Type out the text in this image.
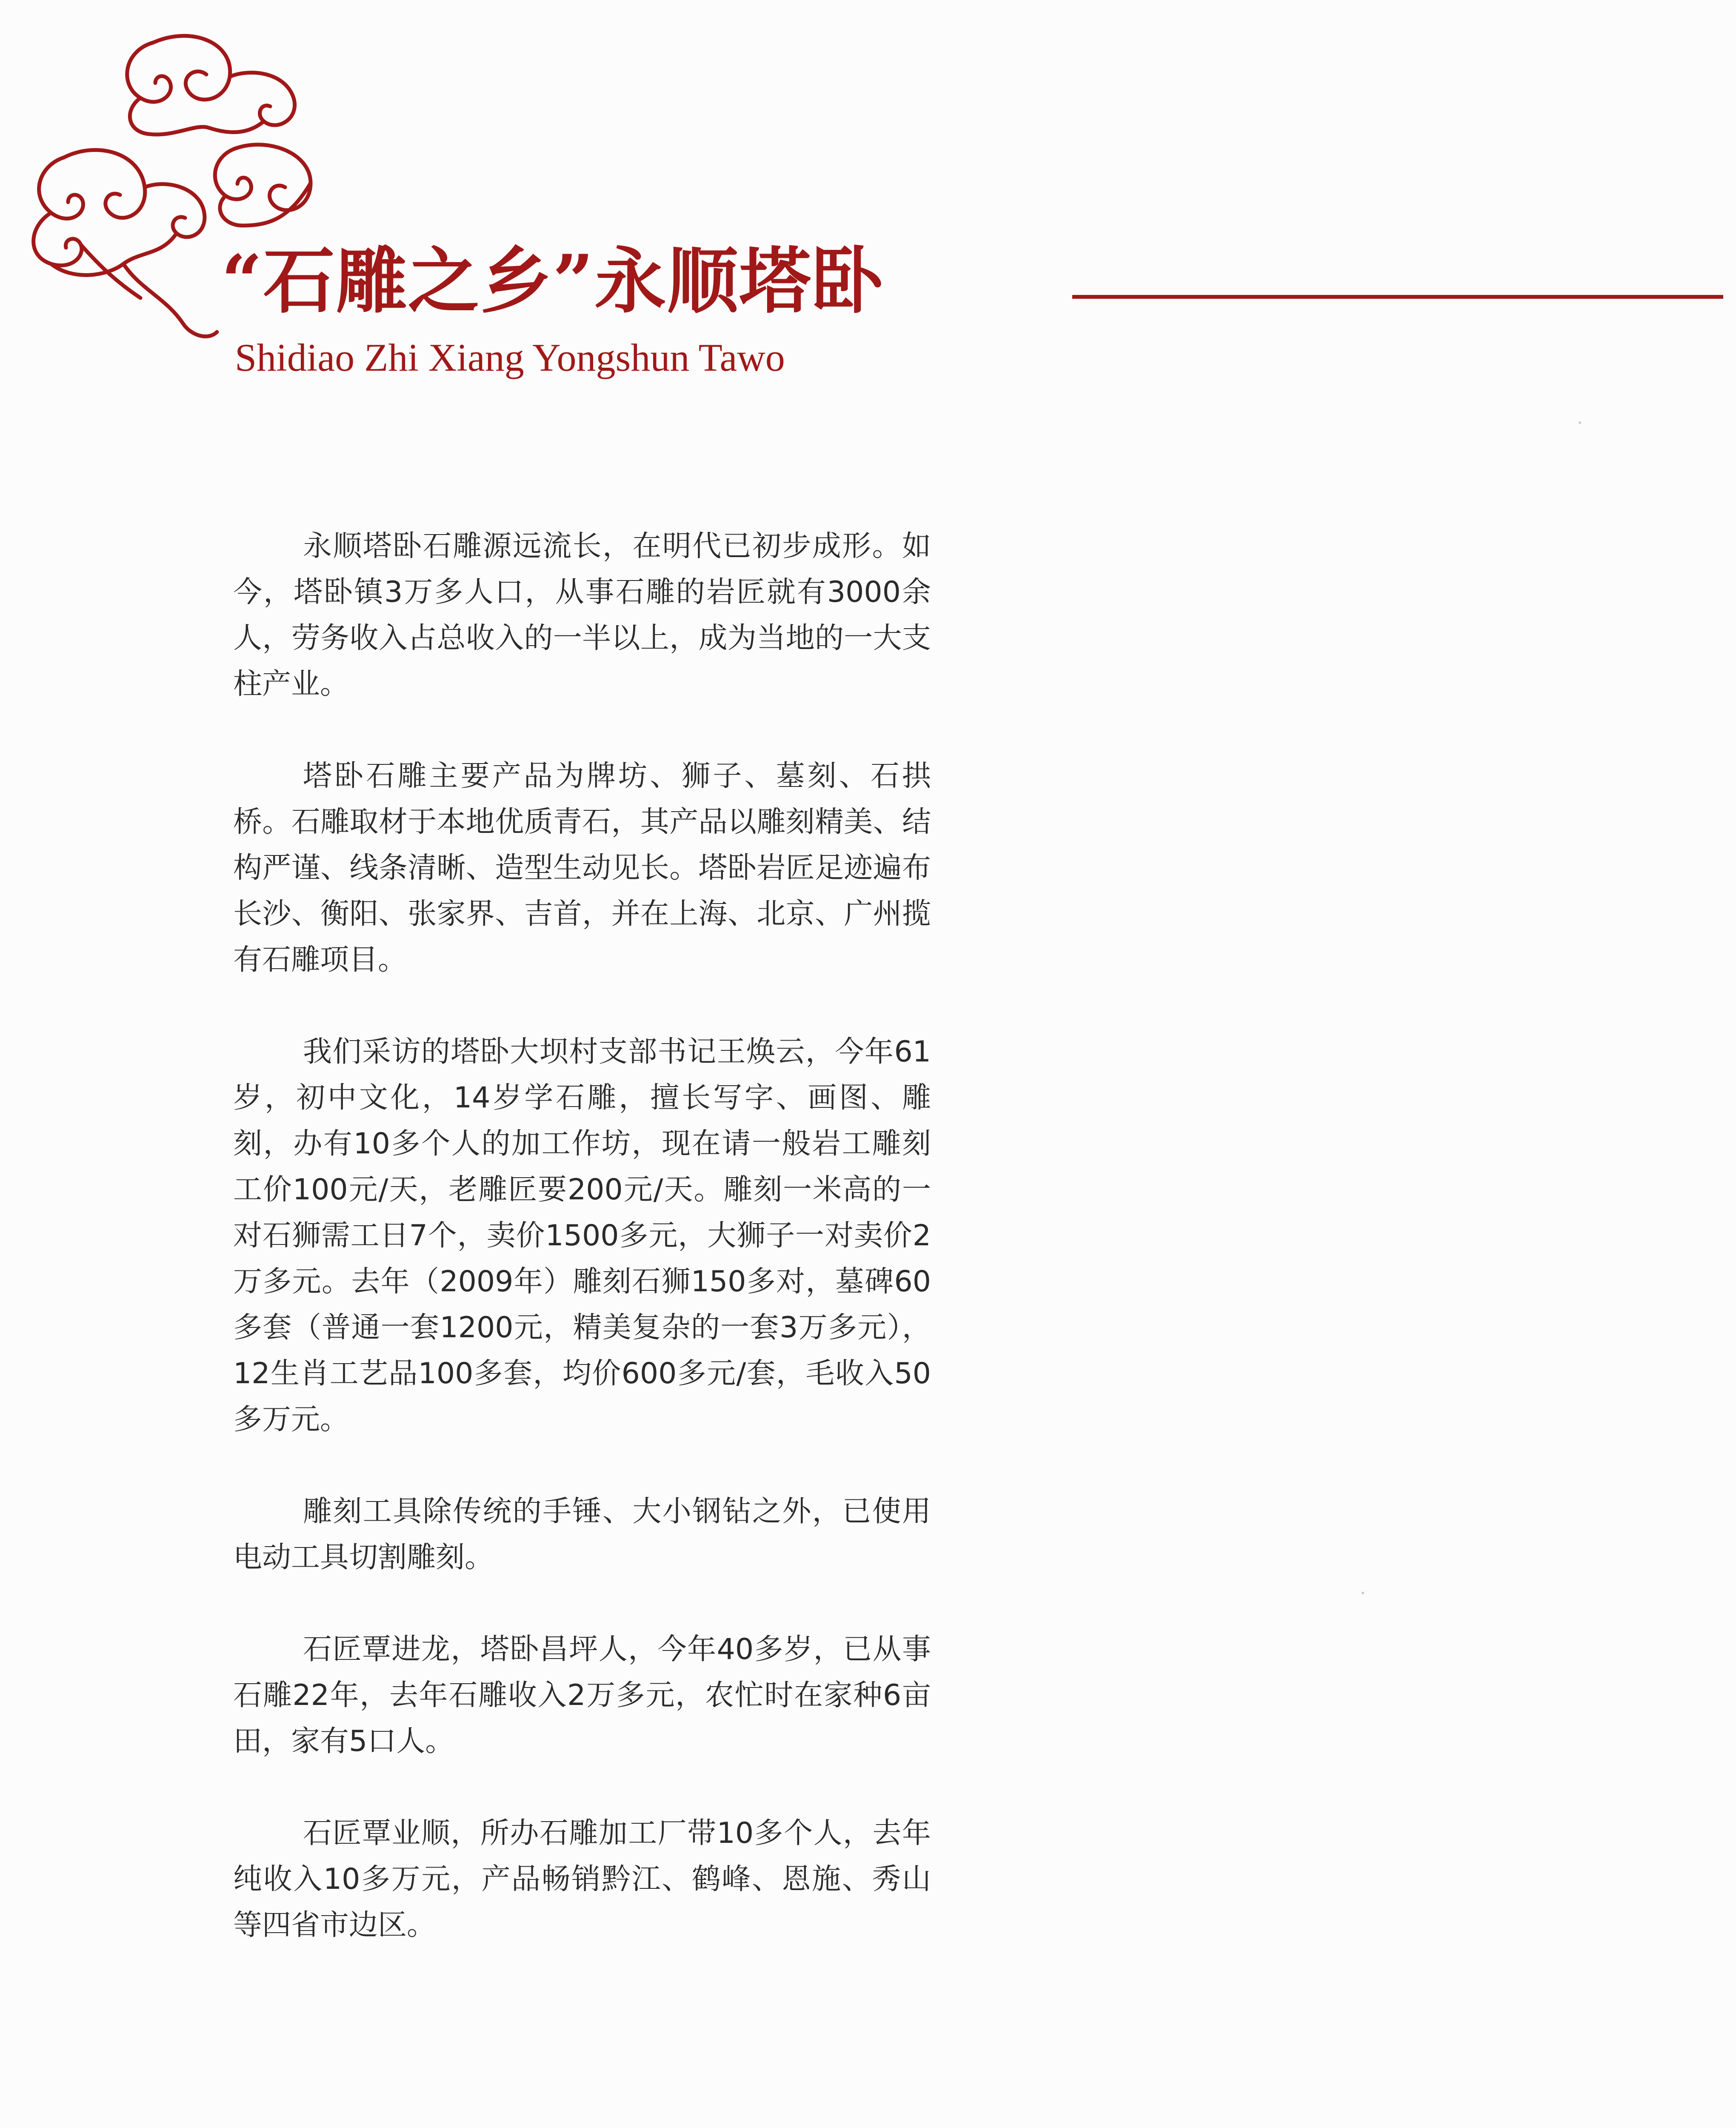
“石雕之乡”永顺塔卧
Shidiao Zhi Xiang Yongshun Tawo

永顺塔卧石雕源远流长，在明代已初步成形。如今，塔卧镇3万多人口，从事石雕的岩匠就有3000余人，劳务收入占总收入的一半以上，成为当地的一大支柱产业。

塔卧石雕主要产品为牌坊、狮子、墓刻、石拱桥。石雕取材于本地优质青石，其产品以雕刻精美、结构严谨、线条清晰、造型生动见长。塔卧岩匠足迹遍布长沙、衡阳、张家界、吉首，并在上海、北京、广州揽有石雕项目。

我们采访的塔卧大坝村支部书记王焕云，今年61岁，初中文化，14岁学石雕，擅长写字、画图、雕刻，办有10多个人的加工作坊，现在请一般岩工雕刻工价100元/天，老雕匠要200元/天。雕刻一米高的一对石狮需工日7个，卖价1500多元，大狮子一对卖价2万多元。去年（2009年）雕刻石狮150多对，墓碑60多套（普通一套1200元，精美复杂的一套3万多元），12生肖工艺品100多套，均价600多元/套，毛收入50多万元。

雕刻工具除传统的手锤、大小钢钻之外，已使用电动工具切割雕刻。

石匠覃进龙，塔卧昌坪人，今年40多岁，已从事石雕22年，去年石雕收入2万多元，农忙时在家种6亩田，家有5口人。

石匠覃业顺，所办石雕加工厂带10多个人，去年纯收入10多万元，产品畅销黔江、鹤峰、恩施、秀山等四省市边区。
